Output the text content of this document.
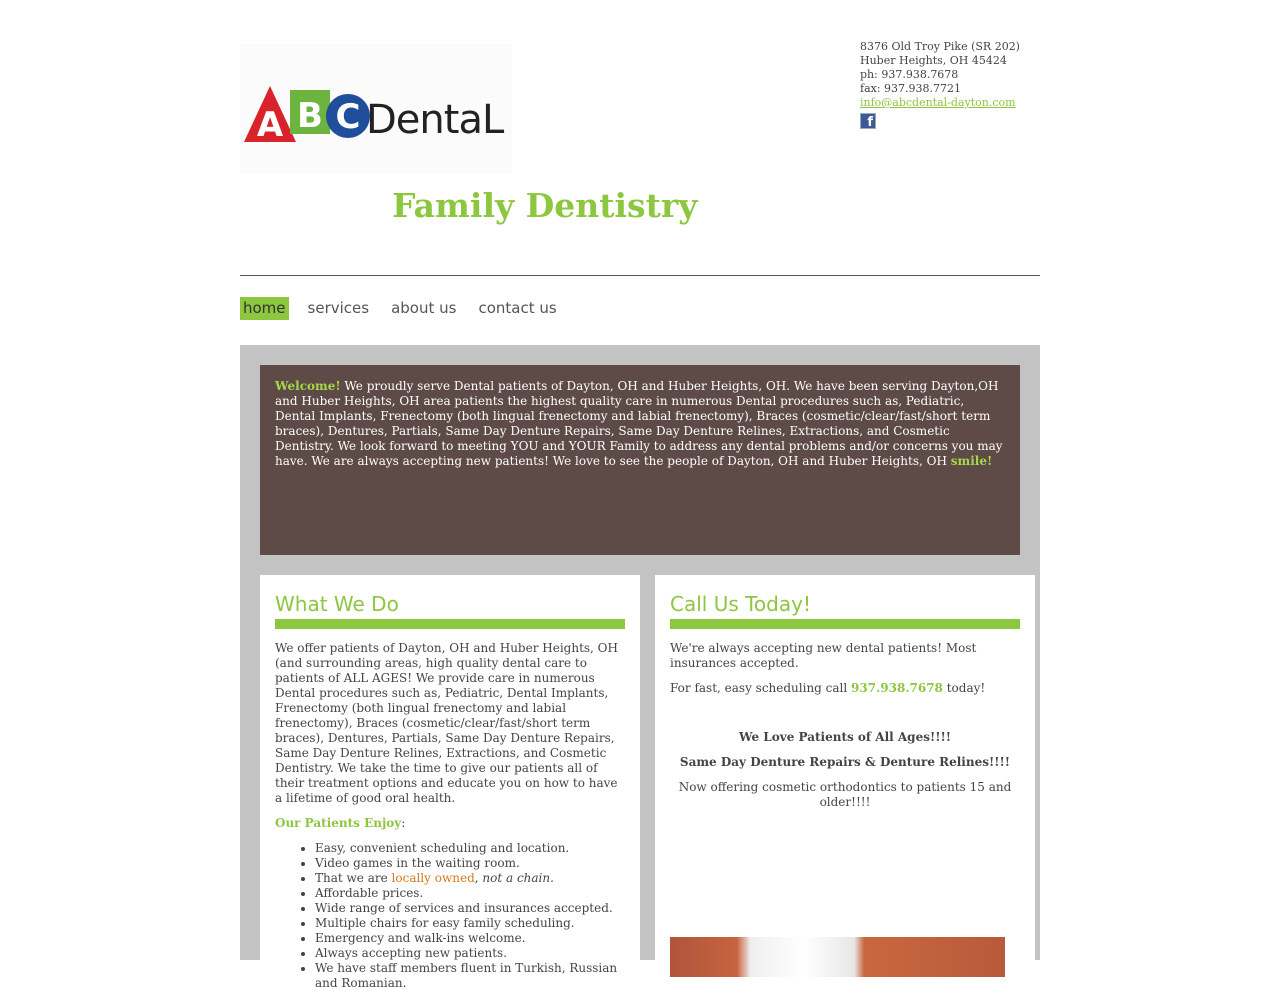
A B C DentaL
Family Dentistry
8376 Old Troy Pike (SR 202)
Huber Heights, OH 45424
ph: 937.938.7678
fax: 937.938.7721
info@abcdental-dayton.com
f
home services about us contact us
Welcome! We proudly serve Dental patients of Dayton, OH and Huber Heights, OH. We have been serving Dayton,OH and Huber Heights, OH area patients the highest quality care in numerous Dental procedures such as, Pediatric, Dental Implants, Frenectomy (both lingual frenectomy and labial frenectomy), Braces (cosmetic/clear/fast/short term braces), Dentures, Partials, Same Day Denture Repairs, Same Day Denture Relines, Extractions, and Cosmetic Dentistry. We look forward to meeting YOU and YOUR Family to address any dental problems and/or concerns you may have. We are always accepting new patients! We love to see the people of Dayton, OH and Huber Heights, OH smile!
What We Do

We offer patients of Dayton, OH and Huber Heights, OH (and surrounding areas, high quality dental care to patients of ALL AGES! We provide care in numerous Dental procedures such as, Pediatric, Dental Implants, Frenectomy (both lingual frenectomy and labial frenectomy), Braces (cosmetic/clear/fast/short term braces), Dentures, Partials, Same Day Denture Repairs, Same Day Denture Relines, Extractions, and Cosmetic Dentistry. We take the time to give our patients all of their treatment options and educate you on how to have a lifetime of good oral health.

Our Patients Enjoy:

• Easy, convenient scheduling and location.
• Video games in the waiting room.
• That we are locally owned, not a chain.
• Affordable prices.
• Wide range of services and insurances accepted.
• Multiple chairs for easy family scheduling.
• Emergency and walk-ins welcome.
• Always accepting new patients.
• We have staff members fluent in Turkish, Russian and Romanian.
Call Us Today!

We're always accepting new dental patients! Most insurances accepted.

For fast, easy scheduling call 937.938.7678 today!

We Love Patients of All Ages!!!!

Same Day Denture Repairs & Denture Relines!!!!

Now offering cosmetic orthodontics to patients 15 and older!!!!
